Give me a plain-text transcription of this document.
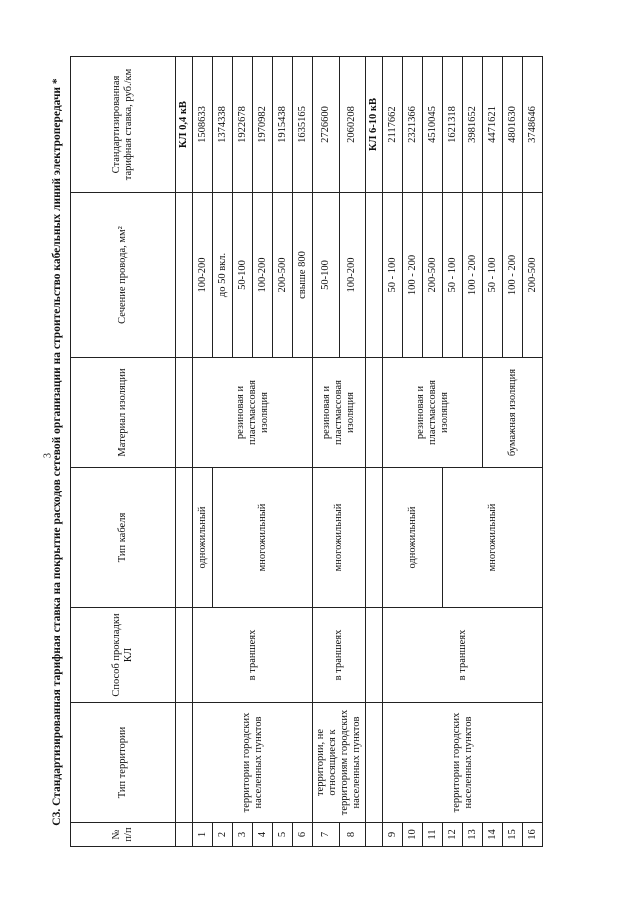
3
С3. Стандартизированная тарифная ставка на покрытие расходов сетевой организации на строительство кабельных линий электропередачи *
№ п/п	Тип территории	Способ прокладки КЛ	Тип кабеля	Материал изоляции	Сечение провода, мм²	Стандартизированная тарифная ставка, руб./км
						КЛ 0,4 кВ
1	территории городских населенных пунктов	в траншеях	одножильный	резиновая и пластмассовая изоляция	100-200	1508633
2			многожильный		до 50 вкл.	1374338
3					50-100	1922678
4					100-200	1970982
5					200-500	1915438
6					свыше 800	1635165
7	территории, не относящиеся к территориям городских населенных пунктов	в траншеях	многожильный	резиновая и пластмассовая изоляция	50-100	2726600
8					100-200	2060208
						КЛ 6-10 кВ
9	территории городских населенных пунктов	в траншеях	одножильный	резиновая и пластмассовая изоляция	50 - 100	2117662
10					100 - 200	2321366
11					200-500	4510045
12			многожильный		50 - 100	1621318
13					100 - 200	3981652
14				бумажная изоляция	50 - 100	4471621
15					100 - 200	4801630
16					200-500	3748646
